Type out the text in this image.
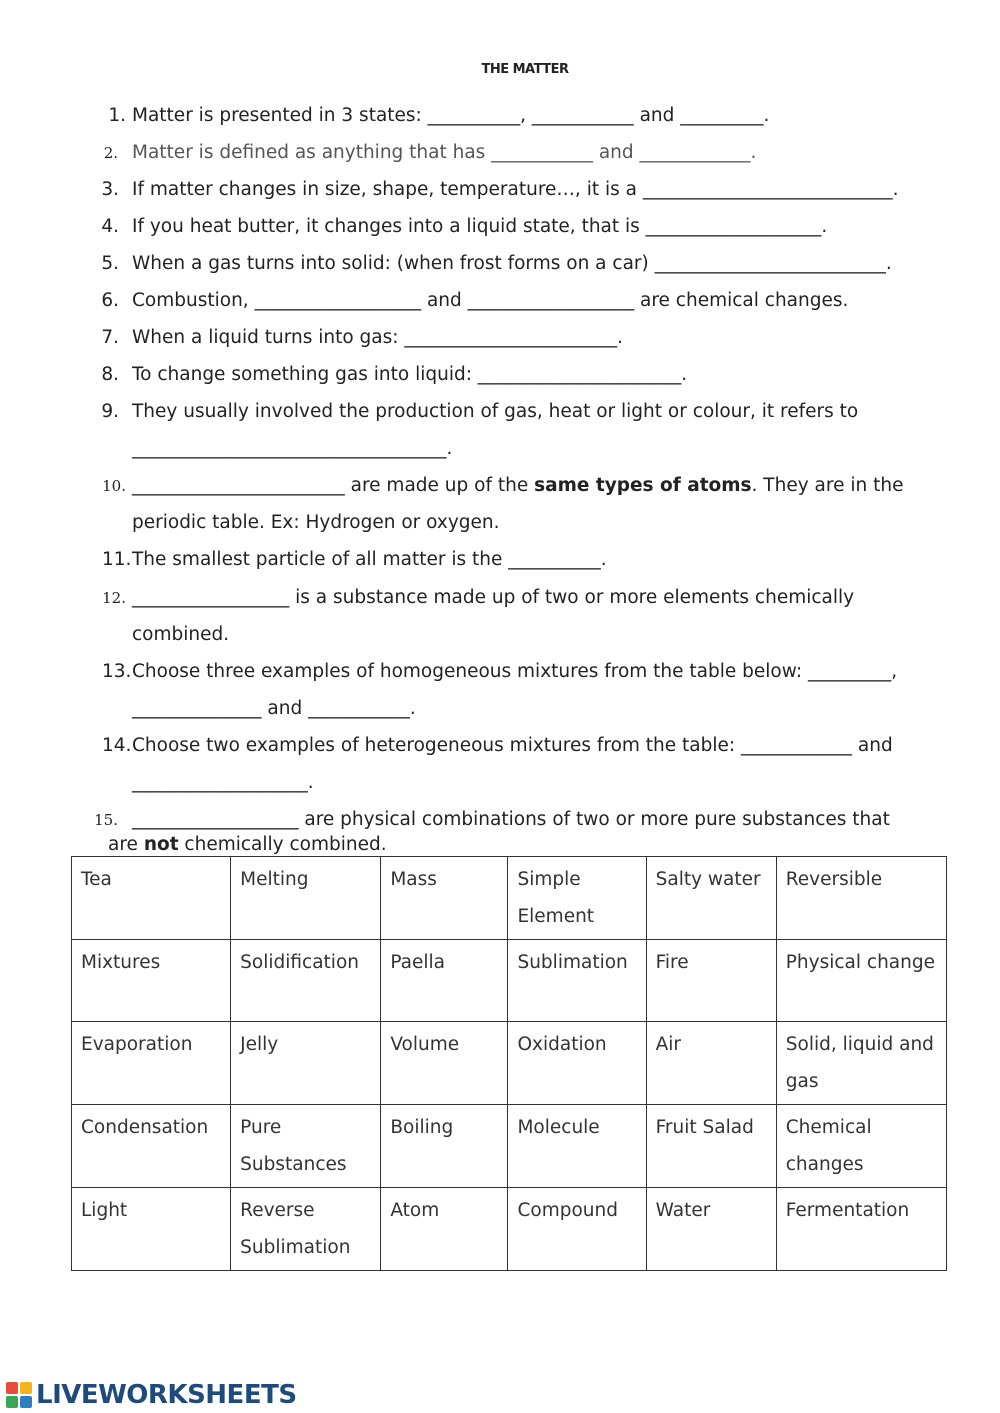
THE MATTER
1. Matter is presented in 3 states: __________, ___________ and _________.
2. Matter is defined as anything that has ___________ and ____________.
3. If matter changes in size, shape, temperature…, it is a ___________________________.
4. If you heat butter, it changes into a liquid state, that is ___________________.
5. When a gas turns into solid: (when frost forms on a car) _________________________.
6. Combustion, __________________ and __________________ are chemical changes.
7. When a liquid turns into gas: _______________________.
8. To change something gas into liquid: ______________________.
9. They usually involved the production of gas, heat or light or colour, it refers to
__________________________________.
10. _______________________ are made up of the same types of atoms. They are in the
periodic table. Ex: Hydrogen or oxygen.
11. The smallest particle of all matter is the __________.
12. _________________ is a substance made up of two or more elements chemically
combined.
13. Choose three examples of homogeneous mixtures from the table below: _________,
______________ and ___________.
14. Choose two examples of heterogeneous mixtures from the table: ____________ and
___________________.
15. __________________ are physical combinations of two or more pure substances that
are not chemically combined.
Tea	Melting	Mass	Simple Element	Salty water	Reversible
Mixtures	Solidification	Paella	Sublimation	Fire	Physical change
Evaporation	Jelly	Volume	Oxidation	Air	Solid, liquid and gas
Condensation	Pure Substances	Boiling	Molecule	Fruit Salad	Chemical changes
Light	Reverse Sublimation	Atom	Compound	Water	Fermentation
LIVEWORKSHEETS
